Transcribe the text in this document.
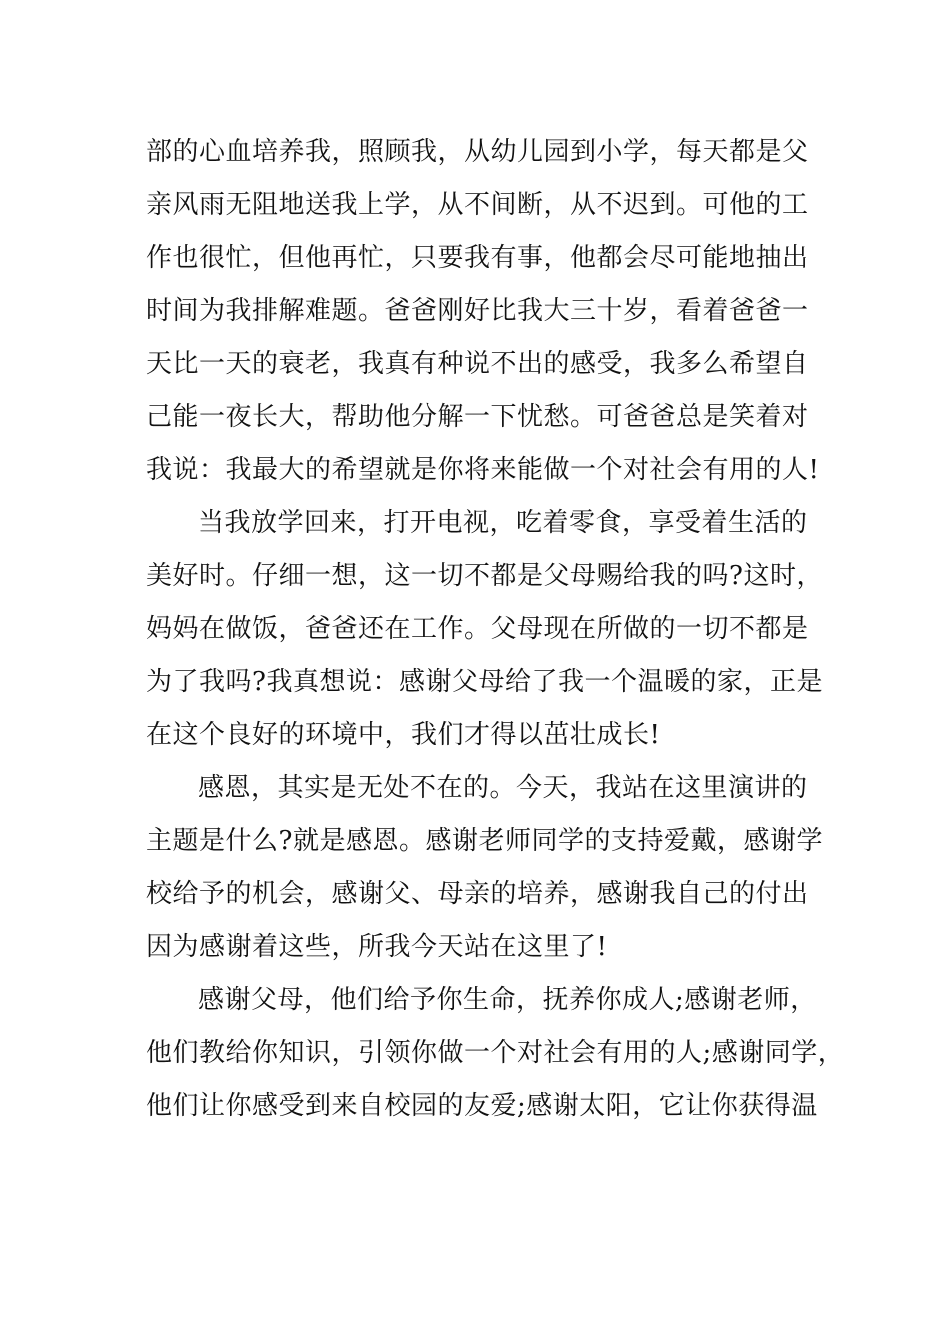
部的心血培养我，照顾我，从幼儿园到小学，每天都是父
亲风雨无阻地送我上学，从不间断，从不迟到。可他的工
作也很忙，但他再忙，只要我有事，他都会尽可能地抽出
时间为我排解难题。爸爸刚好比我大三十岁，看着爸爸一
天比一天的衰老，我真有种说不出的感受，我多么希望自
己能一夜长大，帮助他分解一下忧愁。可爸爸总是笑着对
我说：我最大的希望就是你将来能做一个对社会有用的人!
当我放学回来，打开电视，吃着零食，享受着生活的
美好时。仔细一想，这一切不都是父母赐给我的吗?这时，
妈妈在做饭，爸爸还在工作。父母现在所做的一切不都是
为了我吗?我真想说：感谢父母给了我一个温暖的家，正是
在这个良好的环境中，我们才得以茁壮成长!
感恩，其实是无处不在的。今天，我站在这里演讲的
主题是什么?就是感恩。感谢老师同学的支持爱戴，感谢学
校给予的机会，感谢父、母亲的培养，感谢我自己的付出
因为感谢着这些，所我今天站在这里了!
感谢父母，他们给予你生命，抚养你成人;感谢老师，
他们教给你知识，引领你做一个对社会有用的人;感谢同学，
他们让你感受到来自校园的友爱;感谢太阳，它让你获得温
